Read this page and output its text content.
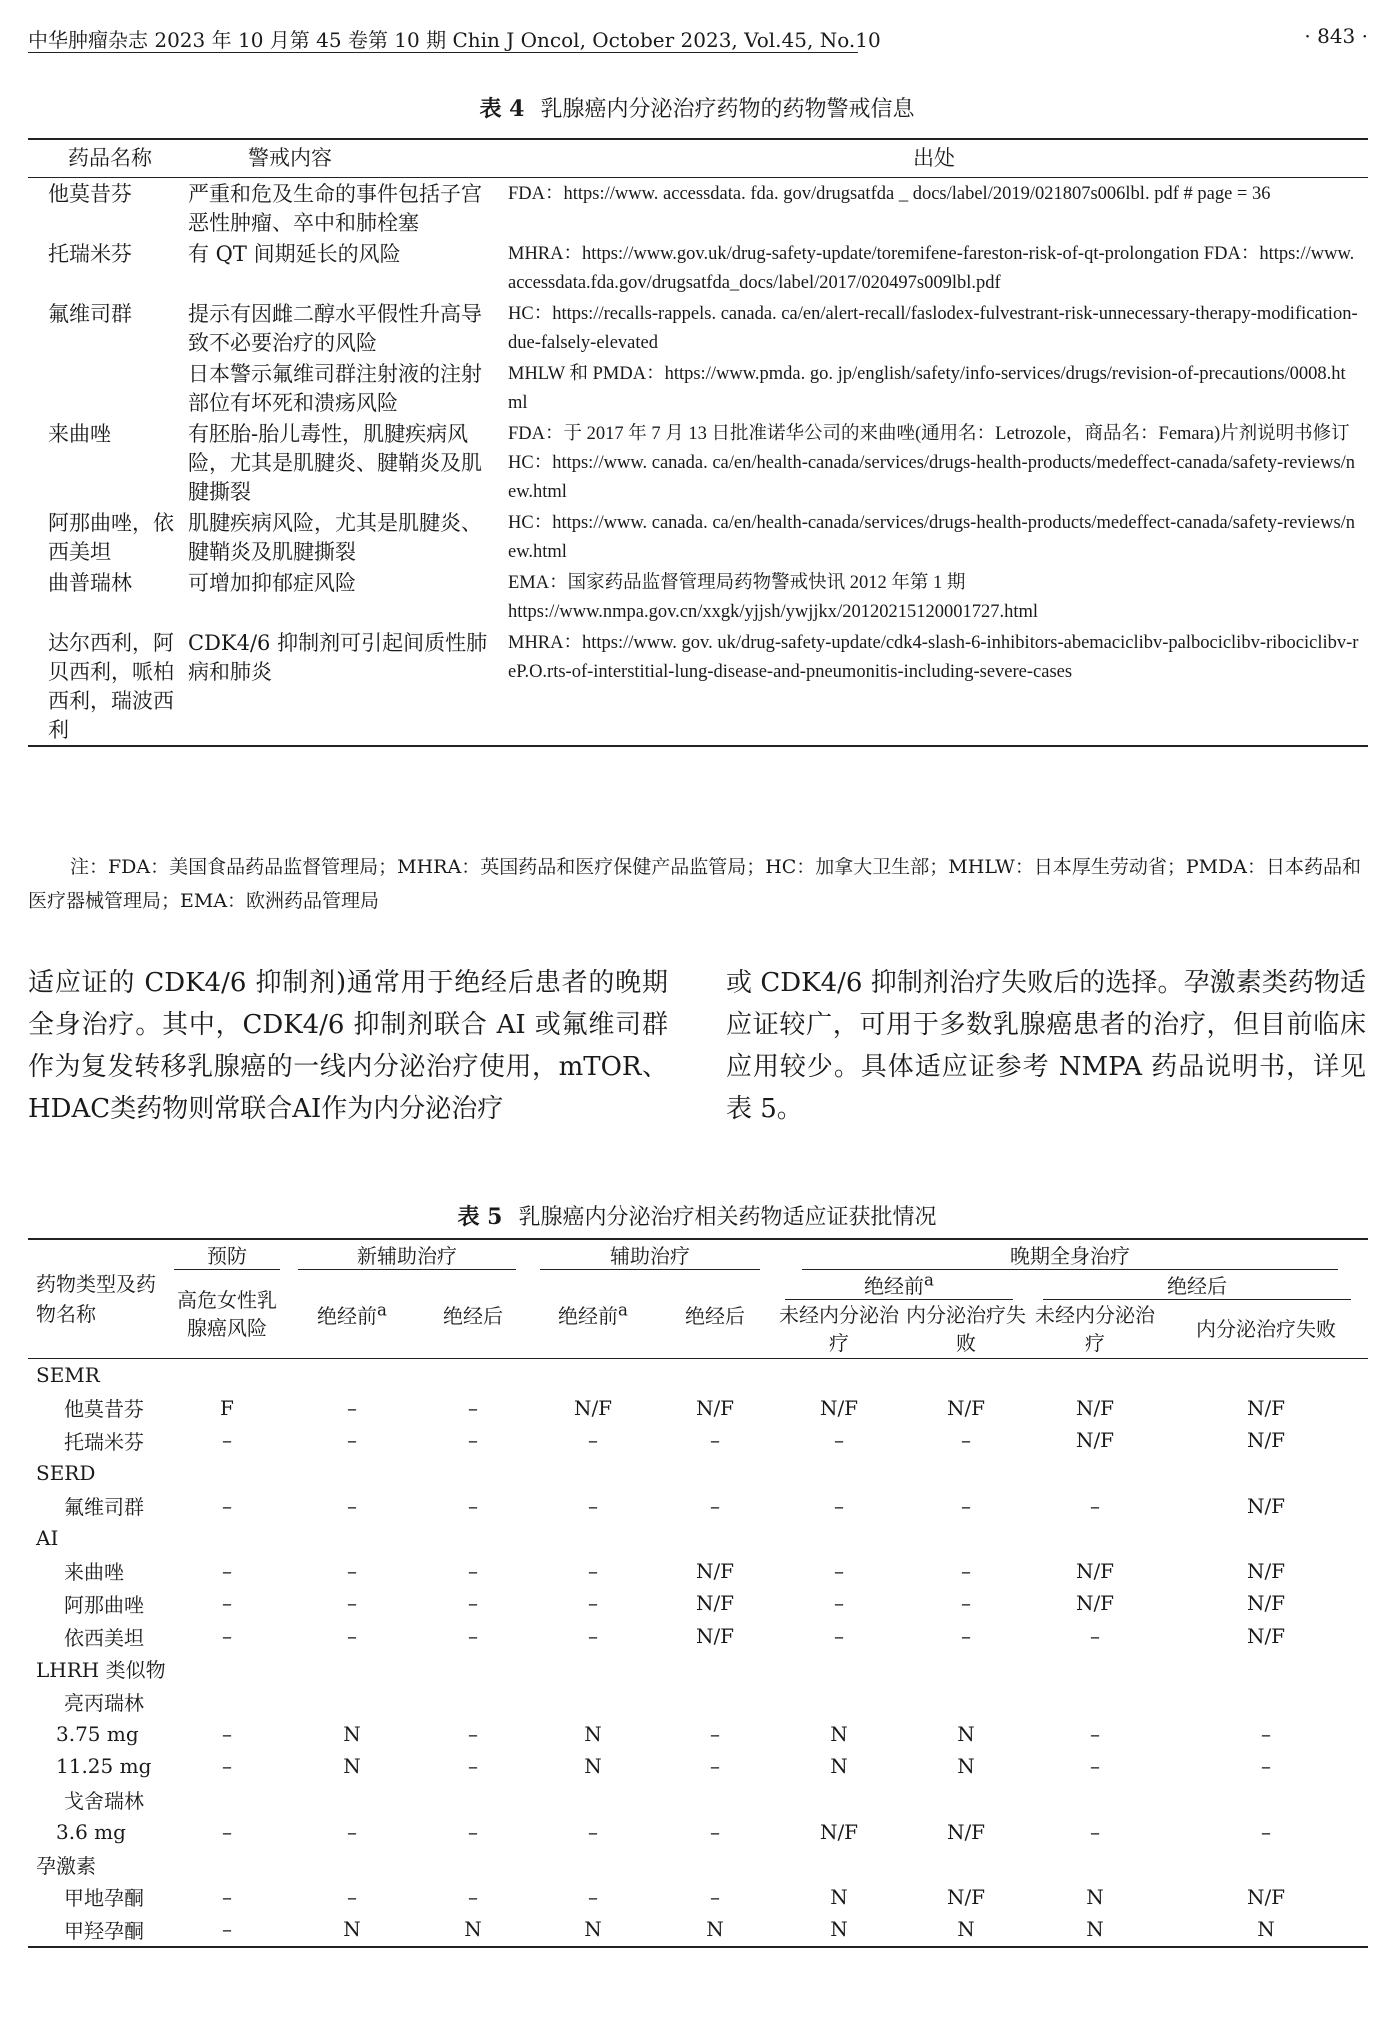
中华肿瘤杂志 2023 年 10 月第 45 卷第 10 期 Chin J Oncol, October 2023, Vol.45, No.10	· 843 ·
表 4 乳腺癌内分泌治疗药物的药物警戒信息
药品名称	警戒内容	出处
他莫昔芬	严重和危及生命的事件包括子宫恶性肿瘤、卒中和肺栓塞	FDA：https://www. accessdata. fda. gov/drugsatfda _ docs/label/2019/021807s006lbl. pdf # page = 36

托瑞米芬	有 QT 间期延长的风险	MHRA：https://www.gov.uk/drug-safety-update/toremifene-fareston-risk-of-qt-prolongation FDA：https://www.accessdata.fda.gov/drugsatfda_docs/label/2017/020497s009lbl.pdf

氟维司群	提示有因雌二醇水平假性升高导致不必要治疗的风险	HC：https://recalls-rappels. canada. ca/en/alert-recall/faslodex-fulvestrant-risk-unnecessary-therapy-modification-due-falsely-elevated

	日本警示氟维司群注射液的注射部位有坏死和溃疡风险	MHLW 和 PMDA：https://www.pmda. go. jp/english/safety/info-services/drugs/revision-of-precautions/0008.html

来曲唑	有胚胎-胎儿毒性，肌腱疾病风险，尤其是肌腱炎、腱鞘炎及肌腱撕裂	FDA：于 2017 年 7 月 13 日批准诺华公司的来曲唑(通用名：Letrozole，商品名：Femara)片剂说明书修订
HC：https://www. canada. ca/en/health-canada/services/drugs-health-products/medeffect-canada/safety-reviews/new.html

阿那曲唑，依西美坦	肌腱疾病风险，尤其是肌腱炎、腱鞘炎及肌腱撕裂	HC：https://www. canada. ca/en/health-canada/services/drugs-health-products/medeffect-canada/safety-reviews/new.html

曲普瑞林	可增加抑郁症风险	EMA：国家药品监督管理局药物警戒快讯 2012 年第 1 期
https://www.nmpa.gov.cn/xxgk/yjjsh/ywjjkx/20120215120001727.html

达尔西利，阿贝西利，哌柏西利，瑞波西利	CDK4/6 抑制剂可引起间质性肺病和肺炎	MHRA：https://www. gov. uk/drug-safety-update/cdk4-slash-6-inhibitors-abemaciclibv-palbociclibv-ribociclibv-reP.O.rts-of-interstitial-lung-disease-and-pneumonitis-including-severe-cases
注：FDA：美国食品药品监督管理局；MHRA：英国药品和医疗保健产品监管局；HC：加拿大卫生部；MHLW：日本厚生劳动省；PMDA：日本药品和医疗器械管理局；EMA：欧洲药品管理局
适应证的 CDK4/6 抑制剂)通常用于绝经后患者的晚期全身治疗。其中，CDK4/6 抑制剂联合 AI 或氟维司群作为复发转移乳腺癌的一线内分泌治疗使用，mTOR、HDAC类药物则常联合AI作为内分泌治疗
或 CDK4/6 抑制剂治疗失败后的选择。孕激素类药物适应证较广，可用于多数乳腺癌患者的治疗，但目前临床应用较少。具体适应证参考 NMPA 药品说明书，详见表 5。
表 5 乳腺癌内分泌治疗相关药物适应证获批情况
药物类型及药物名称	预防	新辅助治疗		辅助治疗		晚期全身治疗			
	高危女性乳腺癌风险	绝经前$^a$	绝经后	绝经前$^a$	绝经后	绝经前$^a$		绝经后	
						未经内分泌治疗	内分泌治疗失败	未经内分泌治疗	内分泌治疗失败
SEMR									
他莫昔芬	F	–	–	N/F	N/F	N/F	N/F	N/F	N/F
托瑞米芬	–	–	–	–	–	–	–	N/F	N/F
SERD									
氟维司群	–	–	–	–	–	–	–	–	N/F
AI									
来曲唑	–	–	–	–	N/F	–	–	N/F	N/F
阿那曲唑	–	–	–	–	N/F	–	–	N/F	N/F
依西美坦	–	–	–	–	N/F	–	–	–	N/F
LHRH 类似物									
亮丙瑞林									
3.75 mg	–	N	–	N	–	N	N	–	–
11.25 mg	–	N	–	N	–	N	N	–	–
戈舍瑞林									
3.6 mg	–	–	–	–	–	N/F	N/F	–	–
孕激素									
甲地孕酮	–	–	–	–	–	N	N/F	N	N/F
甲羟孕酮	–	N	N	N	N	N	N	N	N
